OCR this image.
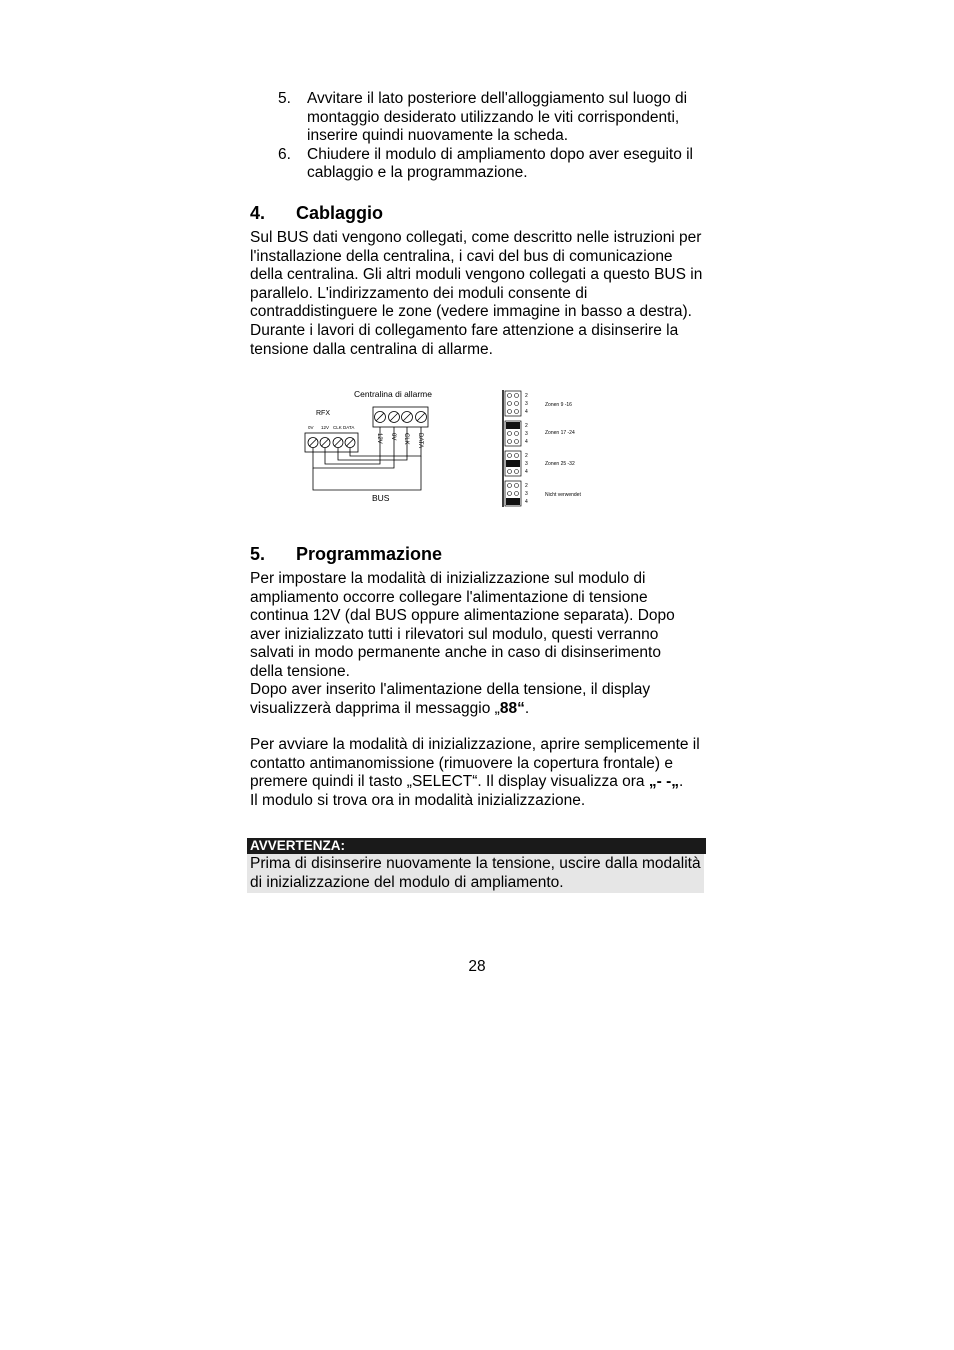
5.	Avvitare il lato posteriore dell'alloggiamento sul luogo di montaggio desiderato utilizzando le viti corrispondenti, inserire quindi nuovamente la scheda.
6.	Chiudere il modulo di ampliamento dopo aver eseguito il cablaggio e la programmazione.
4. Cablaggio

Sul BUS dati vengono collegati, come descritto nelle istruzioni per l'installazione della centralina, i cavi del bus di comunicazione della centralina. Gli altri moduli vengono collegati a questo BUS in parallelo. L'indirizzamento dei moduli consente di contraddistinguere le zone (vedere immagine in basso a destra). Durante i lavori di collegamento fare attenzione a disinserire la tensione dalla centralina di allarme.

Centralina di allarme
RFX
0V 12V CLK DATA
12V 0V CLK DATA
BUS
2
3
4
Zonen 9 -16
2
3
4
Zonen 17 -24
2
3
4
Zonen 25 -32
2
3
4
Nicht verwendet
5. Programmazione

Per impostare la modalità di inizializzazione sul modulo di ampliamento occorre collegare l'alimentazione di tensione continua 12V (dal BUS oppure alimentazione separata). Dopo aver inizializzato tutti i rilevatori sul modulo, questi verranno salvati in modo permanente anche in caso di disinserimento della tensione.

Dopo aver inserito l'alimentazione della tensione, il display visualizzerà dapprima il messaggio „88“.

Per avviare la modalità di inizializzazione, aprire semplicemente il contatto antimanomissione (rimuovere la copertura frontale) e premere quindi il tasto „SELECT“. Il display visualizza ora „- -„.

Il modulo si trova ora in modalità inizializzazione.

AVVERTENZA:
Prima di disinserire nuovamente la tensione, uscire dalla modalità di inizializzazione del modulo di ampliamento.
28
